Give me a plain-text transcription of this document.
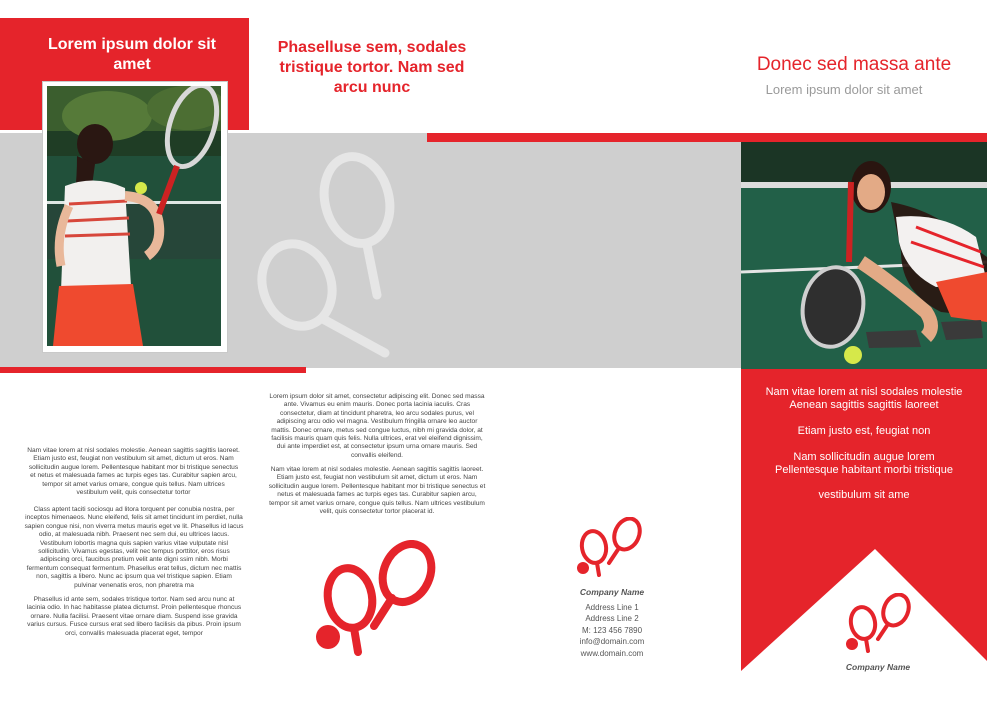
Lorem ipsum dolor sit amet
Nam vitae lorem at nisl sodales molestie. Aenean sagittis sagittis laoreet. Etiam justo est, feugiat non vestibulum sit amet, dictum ut eros. Nam sollicitudin augue lorem. Pellentesque habitant mor bi tristique senectus et netus et malesuada fames ac turpis eges tas. Curabitur sapien arcu, tempor sit amet varius ornare, congue quis tellus. Nam ultrices vestibulum velit, quis consectetur tortor
Class aptent taciti sociosqu ad litora torquent per conubia nostra, per inceptos himenaeos. Nunc eleifend, felis sit amet tincidunt im perdiet, nulla sapien congue nisi, non viverra metus mauris eget ve lit. Phasellus id lacus odio, at malesuada nibh. Praesent nec sem dui, eu ultrices lacus. Vestibulum lobortis magna quis sapien varius vitae vulputate nisl sollicitudin. Vivamus egestas, velit nec tempus porttitor, eros risus adipiscing orci, faucibus pretium velit ante digni ssim nibh. Morbi fermentum consequat fermentum. Phasellus erat tellus, dictum nec mattis non, sagittis a libero. Nunc ac ipsum qua vel tristique sapien. Etiam pulvinar venenatis eros, non pharetra ma
Phasellus id ante sem, sodales tristique tortor. Nam sed arcu nunc at lacinia odio. In hac habitasse platea dictumst. Proin pellentesque rhoncus ornare. Nulla facilisi. Praesent vitae ornare diam. Suspend isse gravida varius cursus. Fusce cursus erat sed libero facilisis da pibus. Proin ipsum orci, convallis malesuada placerat eget, tempor
Phaselluse sem, sodales tristique tortor. Nam sed arcu nunc
Lorem ipsum dolor sit amet, consectetur adipiscing elit. Donec sed massa ante. Vivamus eu enim mauris. Donec porta lacinia iaculis. Cras consectetur, diam at tincidunt pharetra, leo arcu sodales purus, vel adipiscing arcu odio vel magna. Vestibulum fringilla ornare leo auctor mattis. Donec ornare, metus sed congue luctus, nibh mi gravida dolor, at facilisis mauris quam quis felis. Nulla ultrices, erat vel eleifend dignissim, dui ante imperdiet est, at consectetur ipsum urna ornare mauris. Sed convallis eleifend.
Nam vitae lorem at nisl sodales molestie. Aenean sagittis sagittis laoreet. Etiam justo est, feugiat non vestibulum sit amet, dictum ut eros. Nam sollicitudin augue lorem. Pellentesque habitant mor bi tristique senectus et netus et malesuada fames ac turpis eges tas. Curabitur sapien arcu, tempor sit amet varius ornare, congue quis tellus. Nam ultrices vestibulum velit, quis consectetur tortor placerat id.
Company Name
Address Line 1
Address Line 2
M: 123 456 7890
info@domain.com
www.domain.com
Donec sed massa ante
Lorem ipsum dolor sit amet
Nam vitae lorem at nisl sodales molestie
Aenean sagittis sagittis laoreet
Etiam justo est, feugiat non
Nam sollicitudin augue lorem
Pellentesque habitant morbi tristique
vestibulum sit ame
Company Name
